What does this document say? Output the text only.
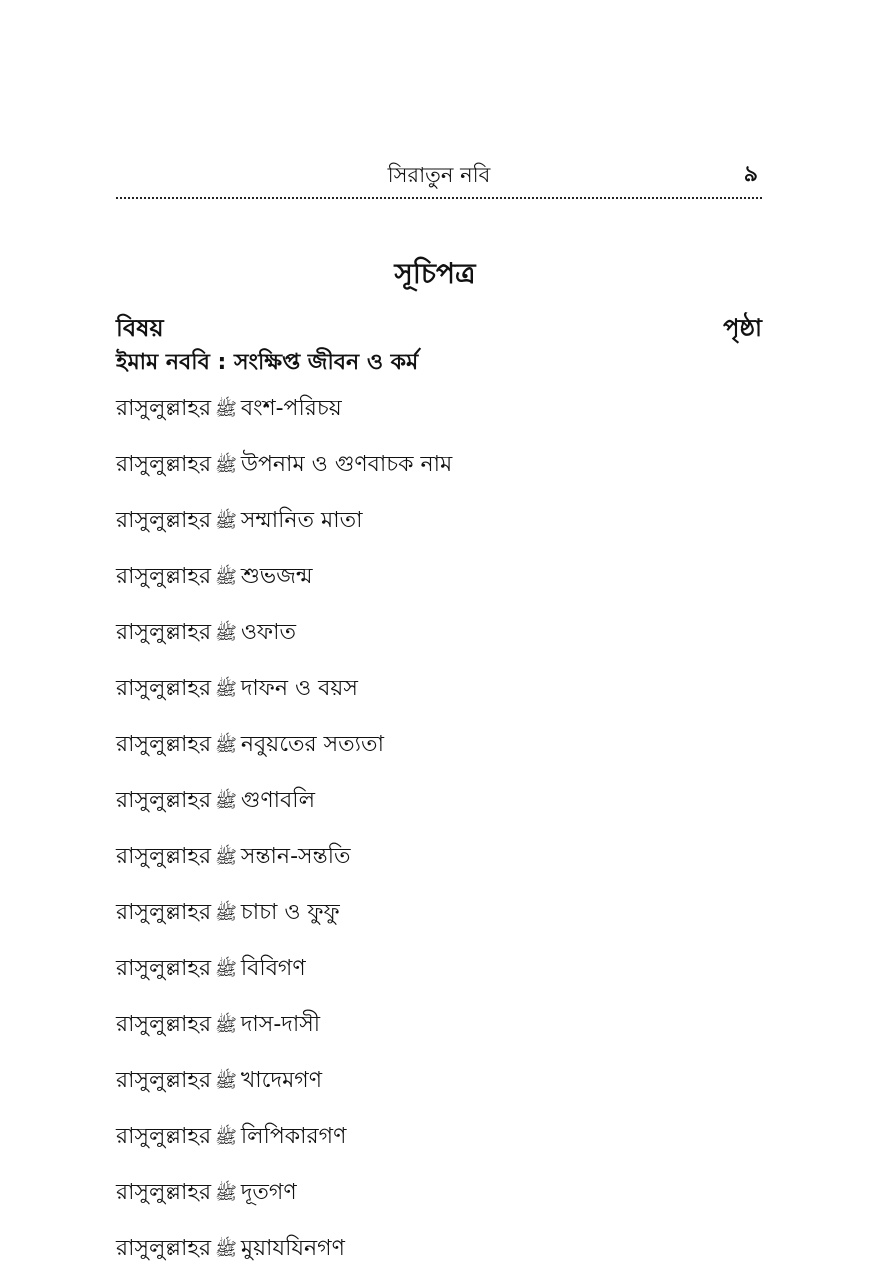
সিরাতুন নবি	৯
সূচিপত্র
বিষয়	পৃষ্ঠা
ইমাম নববি : সংক্ষিপ্ত জীবন ও কর্ম
রাসুলুল্লাহর ﷺ বংশ-পরিচয়
রাসুলুল্লাহর ﷺ উপনাম ও গুণবাচক নাম
রাসুলুল্লাহর ﷺ সম্মানিত মাতা
রাসুলুল্লাহর ﷺ শুভজন্ম
রাসুলুল্লাহর ﷺ ওফাত
রাসুলুল্লাহর ﷺ দাফন ও বয়স
রাসুলুল্লাহর ﷺ নবুয়তের সত্যতা
রাসুলুল্লাহর ﷺ গুণাবলি
রাসুলুল্লাহর ﷺ সন্তান-সন্ততি
রাসুলুল্লাহর ﷺ চাচা ও ফুফু
রাসুলুল্লাহর ﷺ বিবিগণ
রাসুলুল্লাহর ﷺ দাস-দাসী
রাসুলুল্লাহর ﷺ খাদেমগণ
রাসুলুল্লাহর ﷺ লিপিকারগণ
রাসুলুল্লাহর ﷺ দূতগণ
রাসুলুল্লাহর ﷺ মুয়াযযিনগণ
